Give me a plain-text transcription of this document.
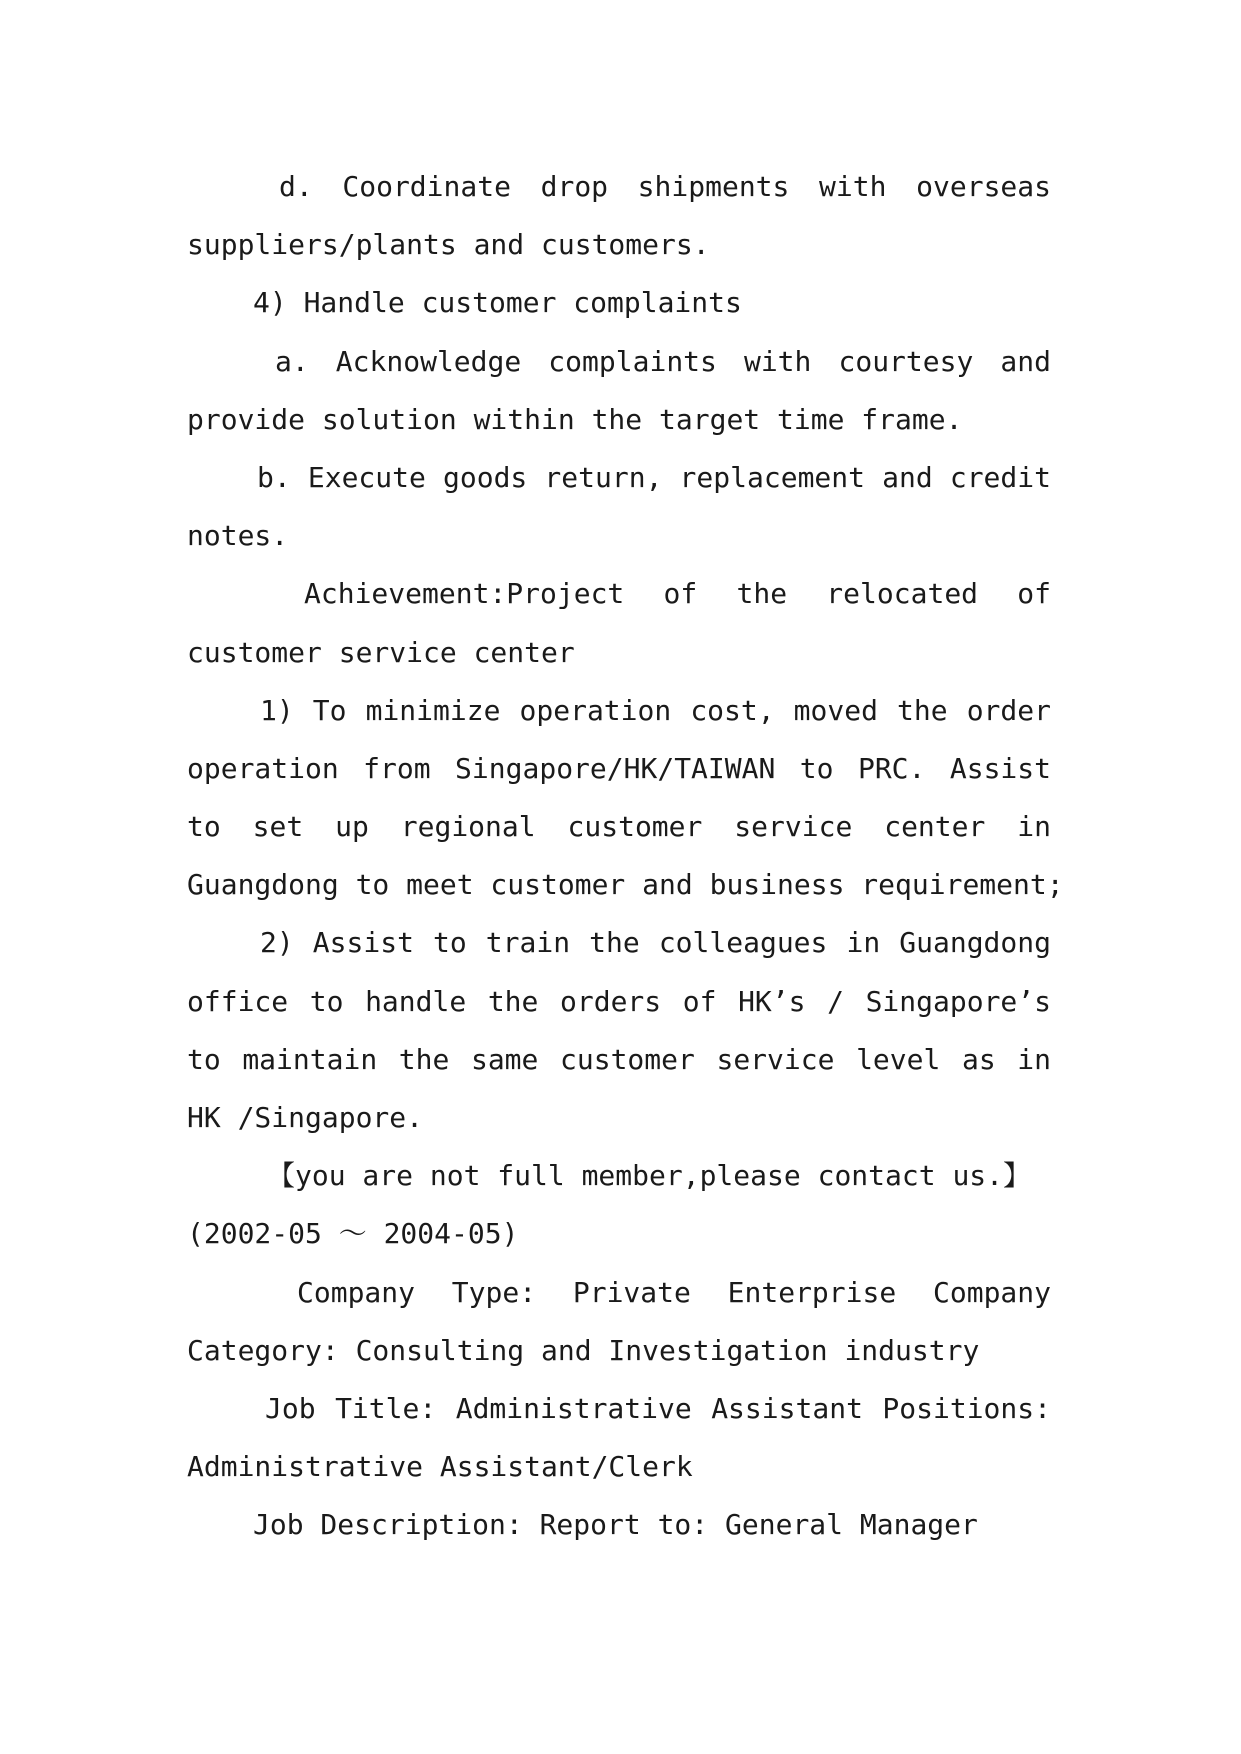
d. Coordinate drop shipments with overseas
suppliers/plants and customers.
4) Handle customer complaints
a. Acknowledge complaints with courtesy and
provide solution within the target time frame.
b. Execute goods return, replacement and credit
notes.
Achievement:Project of the relocated of
customer service center
1) To minimize operation cost, moved the order
operation from Singapore/HK/TAIWAN to PRC. Assist
to set up regional customer service center in
Guangdong to meet customer and business requirement;
2) Assist to train the colleagues in Guangdong
office to handle the orders of HK’s / Singapore’s
to maintain the same customer service level as in
HK /Singapore.
【you are not full member,please contact us.】
(2002-05 ～ 2004-05)
Company Type: Private Enterprise Company
Category: Consulting and Investigation industry
Job Title: Administrative Assistant Positions:
Administrative Assistant/Clerk
Job Description: Report to: General Manager
